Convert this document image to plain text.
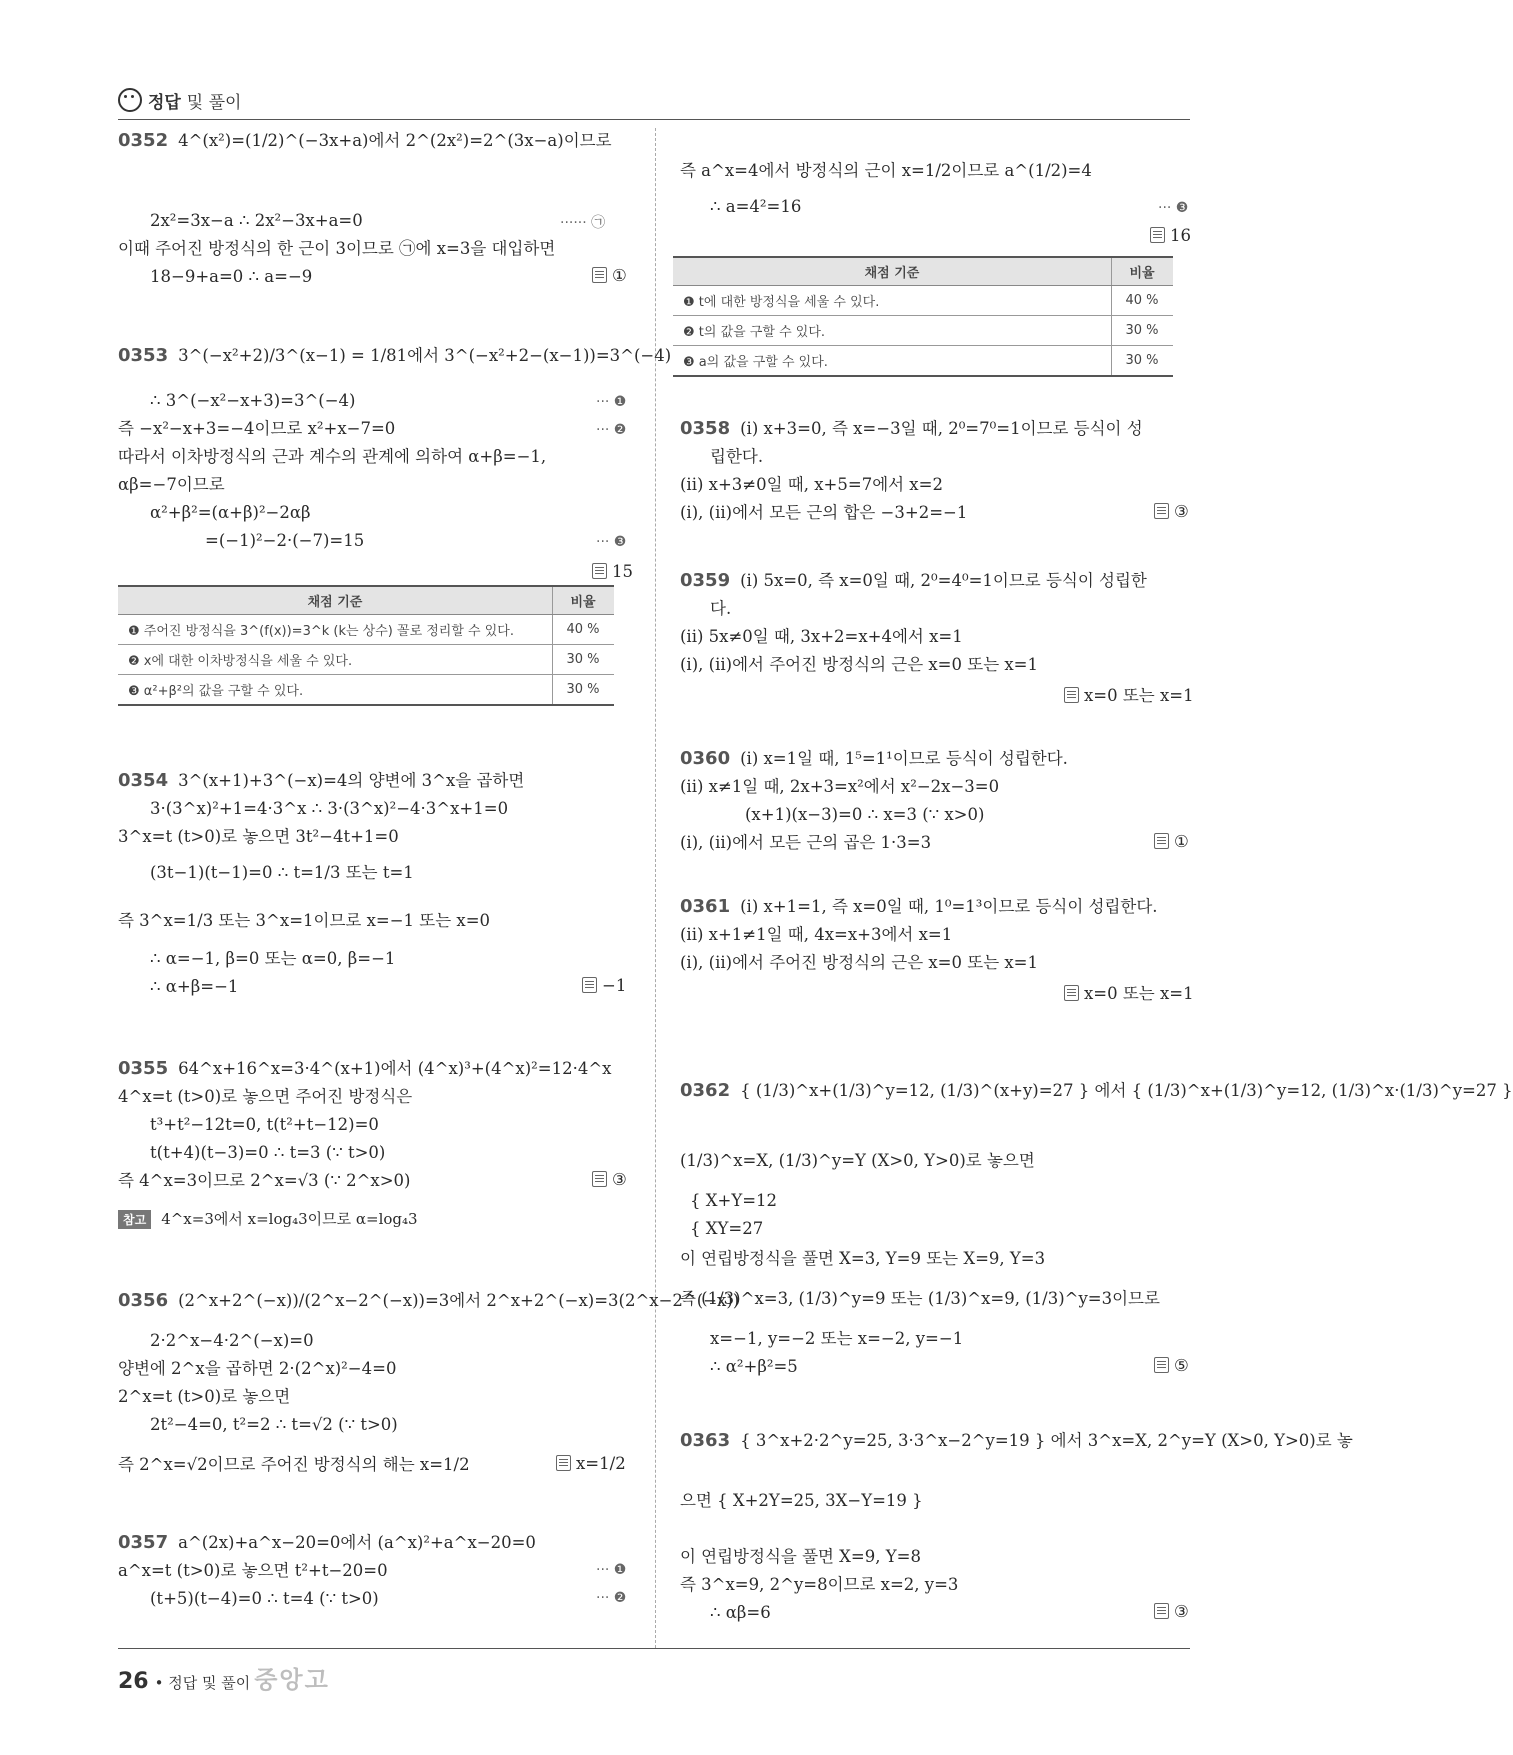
정답 및 풀이
0352 4^(x²)=(1/2)^(−3x+a)에서 2^(2x²)=2^(3x−a)이므로
2x²=3x−a ∴ 2x²−3x+a=0
이때 주어진 방정식의 한 근이 3이므로 ㉠에 x=3을 대입하면
18−9+a=0 ∴ a=−9
0353 3^(−x²+2)/3^(x−1) = 1/81에서 3^(−x²+2−(x−1))=3^(−4)
∴ 3^(−x²−x+3)=3^(−4)
즉 −x²−x+3=−4이므로 x²+x−7=0
따라서 이차방정식의 근과 계수의 관계에 의하여 α+β=−1,
αβ=−7이므로
α²+β²=(α+β)²−2αβ
=(−1)²−2·(−7)=15
0354 3^(x+1)+3^(−x)=4의 양변에 3^x을 곱하면
3·(3^x)²+1=4·3^x ∴ 3·(3^x)²−4·3^x+1=0
3^x=t (t>0)로 놓으면 3t²−4t+1=0
(3t−1)(t−1)=0 ∴ t=1/3 또는 t=1
즉 3^x=1/3 또는 3^x=1이므로 x=−1 또는 x=0
∴ α=−1, β=0 또는 α=0, β=−1
∴ α+β=−1
0355 64^x+16^x=3·4^(x+1)에서 (4^x)³+(4^x)²=12·4^x
4^x=t (t>0)로 놓으면 주어진 방정식은
t³+t²−12t=0, t(t²+t−12)=0
t(t+4)(t−3)=0 ∴ t=3 (∵ t>0)
즉 4^x=3이므로 2^x=√3 (∵ 2^x>0)
0356 (2^x+2^(−x))/(2^x−2^(−x))=3에서 2^x+2^(−x)=3(2^x−2^(−x))
2·2^x−4·2^(−x)=0
양변에 2^x을 곱하면 2·(2^x)²−4=0
2^x=t (t>0)로 놓으면
2t²−4=0, t²=2 ∴ t=√2 (∵ t>0)
즉 2^x=√2이므로 주어진 방정식의 해는 x=1/2
0357 a^(2x)+a^x−20=0에서 (a^x)²+a^x−20=0
a^x=t (t>0)로 놓으면 t²+t−20=0
(t+5)(t−4)=0 ∴ t=4 (∵ t>0)
즉 a^x=4에서 방정식의 근이 x=1/2이므로 a^(1/2)=4
∴ a=4²=16
0358 (i) x+3=0, 즉 x=−3일 때, 2⁰=7⁰=1이므로 등식이 성
립한다.
(ii) x+3≠0일 때, x+5=7에서 x=2
(i), (ii)에서 모든 근의 합은 −3+2=−1
0359 (i) 5x=0, 즉 x=0일 때, 2⁰=4⁰=1이므로 등식이 성립한
다.
(ii) 5x≠0일 때, 3x+2=x+4에서 x=1
(i), (ii)에서 주어진 방정식의 근은 x=0 또는 x=1
0360 (i) x=1일 때, 1⁵=1¹이므로 등식이 성립한다.
(ii) x≠1일 때, 2x+3=x²에서 x²−2x−3=0
(x+1)(x−3)=0 ∴ x=3 (∵ x>0)
(i), (ii)에서 모든 근의 곱은 1·3=3
0361 (i) x+1=1, 즉 x=0일 때, 1⁰=1³이므로 등식이 성립한다.
(ii) x+1≠1일 때, 4x=x+3에서 x=1
(i), (ii)에서 주어진 방정식의 근은 x=0 또는 x=1
0362 { (1/3)^x+(1/3)^y=12, (1/3)^(x+y)=27 } 에서 { (1/3)^x+(1/3)^y=12, (1/3)^x·(1/3)^y=27 }
(1/3)^x=X, (1/3)^y=Y (X>0, Y>0)로 놓으면
{ X+Y=12
{ XY=27
이 연립방정식을 풀면 X=3, Y=9 또는 X=9, Y=3
즉 (1/3)^x=3, (1/3)^y=9 또는 (1/3)^x=9, (1/3)^y=3이므로
x=−1, y=−2 또는 x=−2, y=−1
∴ α²+β²=5
0363 { 3^x+2·2^y=25, 3·3^x−2^y=19 } 에서 3^x=X, 2^y=Y (X>0, Y>0)로 놓
으면 { X+2Y=25, 3X−Y=19 }
이 연립방정식을 풀면 X=9, Y=8
즉 3^x=9, 2^y=8이므로 x=2, y=3
∴ αβ=6
······ ㉠
··· ❶
··· ❷
··· ❸
··· ❶
··· ❷
··· ❸
①
15
−1
③
x=1/2
16
③
x=0 또는 x=1
①
x=0 또는 x=1
⑤
③
채점 기준	비율
❶ 주어진 방정식을 3^(f(x))=3^k (k는 상수) 꼴로 정리할 수 있다.	40 %
❷ x에 대한 이차방정식을 세울 수 있다.	30 %
❸ α²+β²의 값을 구할 수 있다.	30 %
채점 기준	비율
❶ t에 대한 방정식을 세울 수 있다.	40 %
❷ t의 값을 구할 수 있다.	30 %
❸ a의 값을 구할 수 있다.	30 %
참고 4^x=3에서 x=log₄3이므로 α=log₄3
26 • 정답 및 풀이 중앙고
